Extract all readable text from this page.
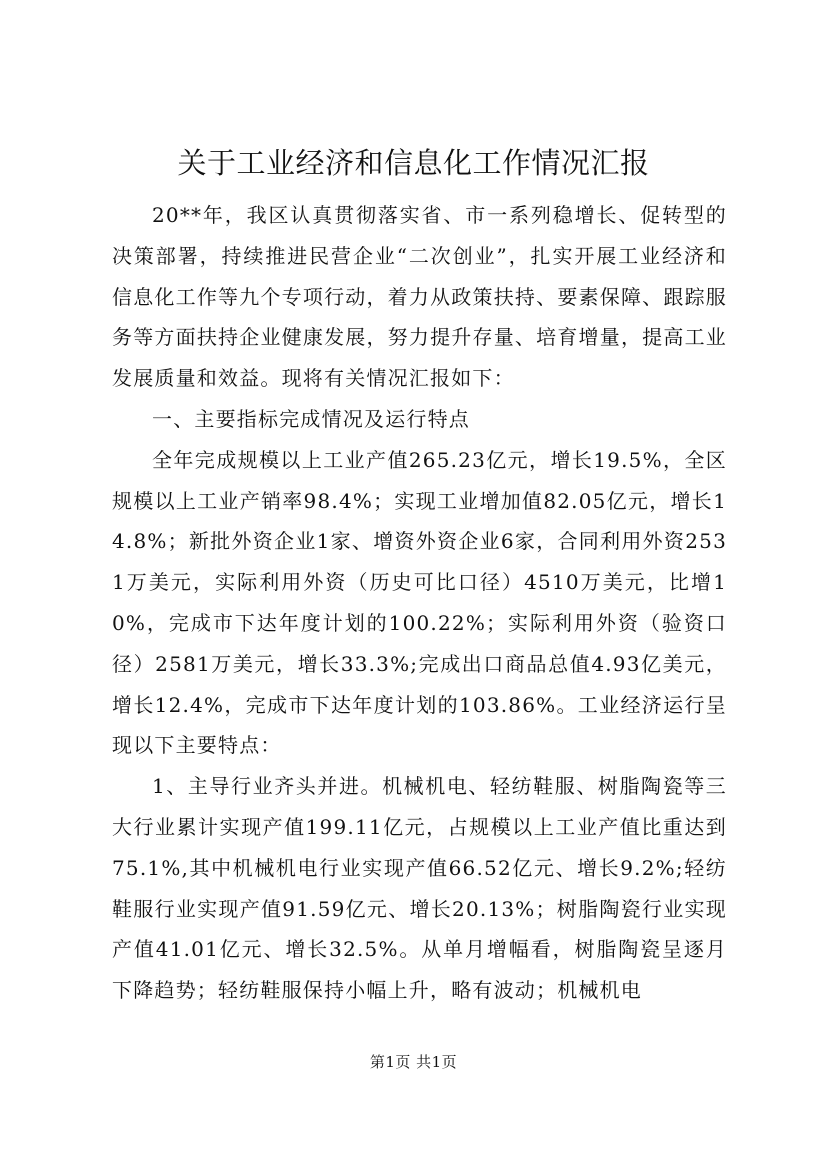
关于工业经济和信息化工作情况汇报

20**年，我区认真贯彻落实省、市一系列稳增长、促转型的决策部署，持续推进民营企业“二次创业”，扎实开展工业经济和信息化工作等九个专项行动，着力从政策扶持、要素保障、跟踪服务等方面扶持企业健康发展，努力提升存量、培育增量，提高工业发展质量和效益。现将有关情况汇报如下：

一、主要指标完成情况及运行特点

全年完成规模以上工业产值265.23亿元，增长19.5%，全区规模以上工业产销率98.4%；实现工业增加值82.05亿元，增长14.8%；新批外资企业1家、增资外资企业6家，合同利用外资2531万美元，实际利用外资（历史可比口径）4510万美元，比增10%，完成市下达年度计划的100.22%；实际利用外资（验资口径）2581万美元，增长33.3%;完成出口商品总值4.93亿美元，增长12.4%，完成市下达年度计划的103.86%。工业经济运行呈现以下主要特点：

1、主导行业齐头并进。机械机电、轻纺鞋服、树脂陶瓷等三大行业累计实现产值199.11亿元，占规模以上工业产值比重达到75.1%,其中机械机电行业实现产值66.52亿元、增长9.2%;轻纺鞋服行业实现产值91.59亿元、增长20.13%；树脂陶瓷行业实现产值41.01亿元、增长32.5%。从单月增幅看，树脂陶瓷呈逐月下降趋势；轻纺鞋服保持小幅上升，略有波动；机械机电

第1页 共1页
